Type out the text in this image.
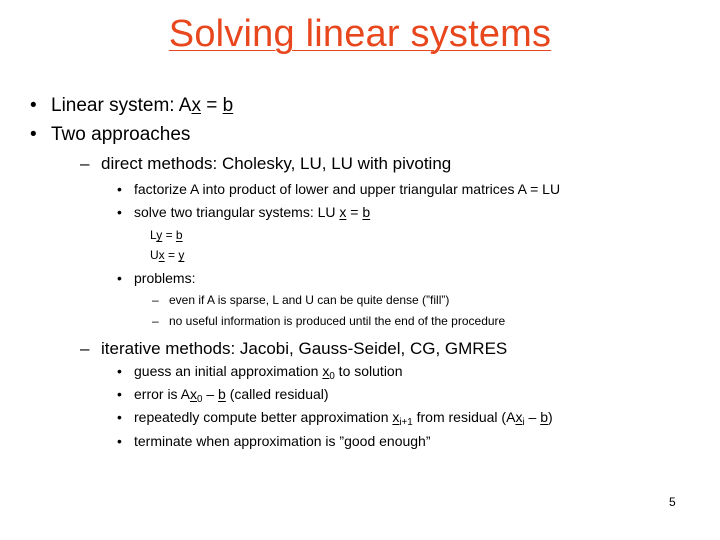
Solving linear systems
• Linear system: Ax = b
• Two approaches
– direct methods: Cholesky, LU, LU with pivoting
• factorize A into product of lower and upper triangular matrices A = LU
• solve two triangular systems: LU x = b
Ly = b
Ux = y
• problems:
– even if A is sparse, L and U can be quite dense (”fill”)
– no useful information is produced until the end of the procedure
– iterative methods: Jacobi, Gauss-Seidel, CG, GMRES
• guess an initial approximation $x_0$ to solution
• error is $Ax_0$ – b (called residual)
• repeatedly compute better approximation $x_{i+1}$ from residual $(Ax_i - b)$
• terminate when approximation is ”good enough”
5
